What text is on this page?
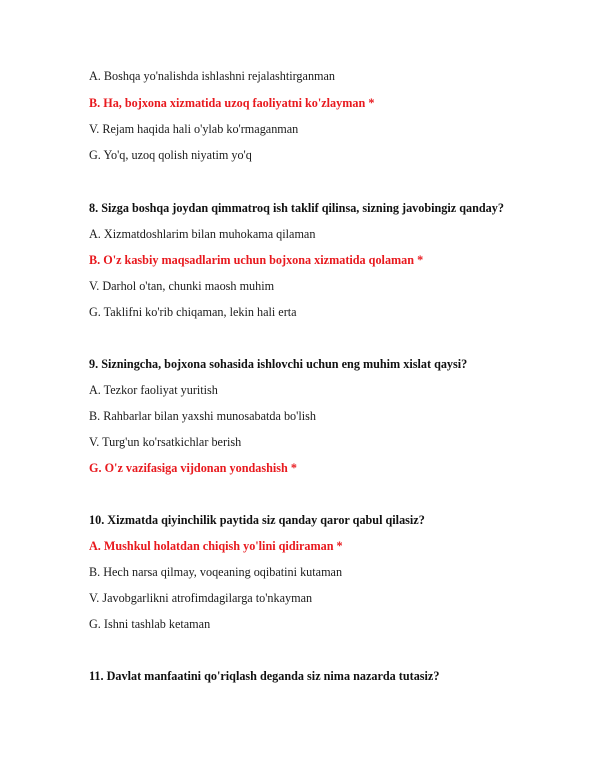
A. Boshqa yo'nalishda ishlashni rejalashtirganman
B. Ha, bojxona xizmatida uzoq faoliyatni ko'zlayman *
V. Rejam haqida hali o'ylab ko'rmaganman
G. Yo'q, uzoq qolish niyatim yo'q
8. Sizga boshqa joydan qimmatroq ish taklif qilinsa, sizning javobingiz qanday?
A. Xizmatdoshlarim bilan muhokama qilaman
B. O'z kasbiy maqsadlarim uchun bojxona xizmatida qolaman *
V. Darhol o'tan, chunki maosh muhim
G. Taklifni ko'rib chiqaman, lekin hali erta
9. Sizningcha, bojxona sohasida ishlovchi uchun eng muhim xislat qaysi?
A. Tezkor faoliyat yuritish
B. Rahbarlar bilan yaxshi munosabatda bo'lish
V. Turg'un ko'rsatkichlar berish
G. O'z vazifasiga vijdonan yondashish *
10. Xizmatda qiyinchilik paytida siz qanday qaror qabul qilasiz?
A. Mushkul holatdan chiqish yo'lini qidiraman *
B. Hech narsa qilmay, voqeaning oqibatini kutaman
V. Javobgarlikni atrofimdagilarga to'nkayman
G. Ishni tashlab ketaman
11. Davlat manfaatini qo'riqlash deganda siz nima nazarda tutasiz?
